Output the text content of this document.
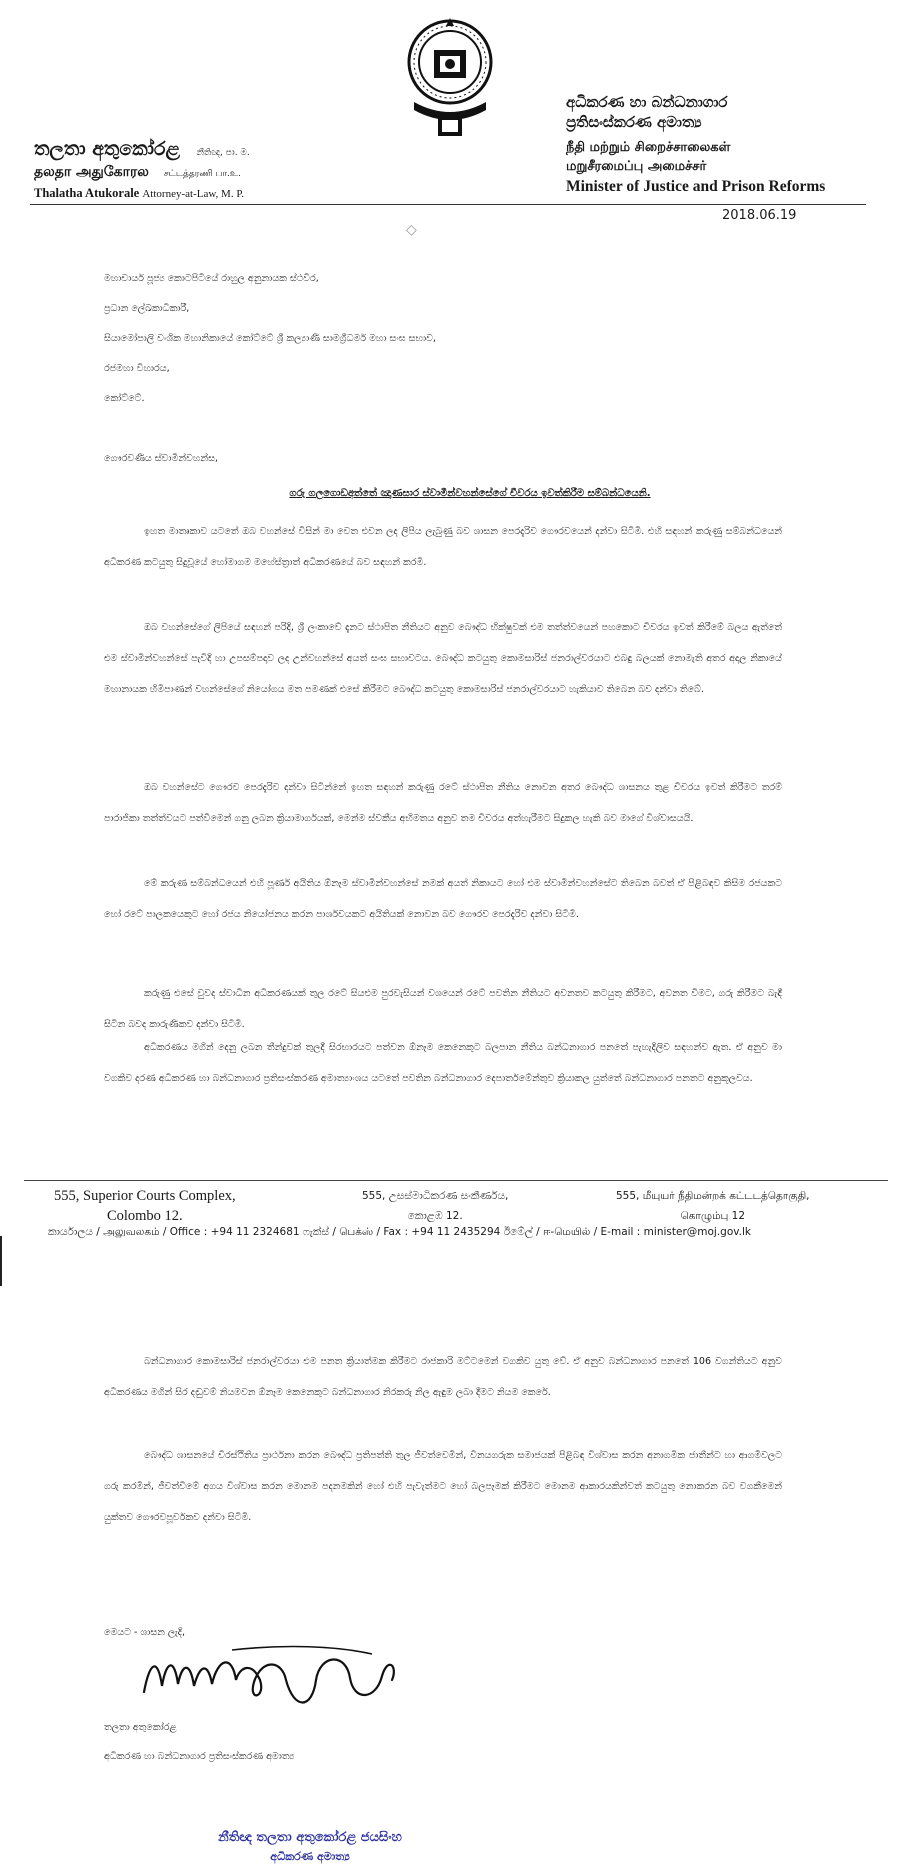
තලතා අතුකෝරළ නීතිඥ, පා. ම.
தலதா அதுகோரல சட்டத்தரணி பா.உ.
Thalatha Atukorale Attorney-at-Law, M. P.
අධිකරණ හා බන්ධනාගාර
ප්‍රතිසංස්කරණ අමාත්‍ය
நீதி மற்றும் சிறைச்சாலைகள்
மறுசீரமைப்பு அமைச்சர்
Minister of Justice and Prison Reforms
2018.06.19
◇
මහාචාර්ය පූජ්‍ය කොටපිටියේ රාහුල අනුනායක ස්ථවිර,
ප්‍රධාන ලේඛකාධිකාරී,
සියාමෝපාලි වංශික මහානිකායේ කෝට්ටේ ශ්‍රී කල්‍යාණී සාමග්‍රීධර්ම මහා සංඝ සභාව,
රජමහා විහාරය,
කෝට්ටේ.
ගෞරවණීය ස්වාමීන්වහන්ස,
ගරු ගලගොඩඅත්තේ ඤාණසාර ස්වාමීන්වහන්සේගේ චීවරය ඉවත්කිරීම සම්බන්ධයෙනි.
ඉහත මාතෘකාව යටතේ ඔබ වහන්සේ විසින් මා වෙත එවන ලද ලිපිය ලැබුණු බව ශාසන පෙරදැරිව ගෞරවයෙන් දන්වා සිටිමි. එහි සඳහන් කරුණු සම්බන්ධයෙන් අධිකරණ කටයුතු සිදුවූයේ හෝමාගම මහේස්ත්‍රාත් අධිකරණයේ බව සඳහන් කරමි.
ඔබ වහන්සේගේ ලිපියේ සඳහන් පරිදි, ශ්‍රී ලංකාවේ දැනට ස්ථාපිත නීතියට අනුව බෞද්ධ භික්ෂුවක් එම තත්ත්වයෙන් පහකොට චීවරය ඉවත් කිරීමේ බලය ඇත්තේ එම ස්වාමීන්වහන්සේ පැවිදි හා උපසම්පදාව ලද උන්වහන්සේ අයත් සංඝ සභාවටය. බෞද්ධ කටයුතු කොමසාරිස් ජනරාල්වරයාට එබඳු බලයක් නොමැති අතර අදාල නිකායේ මහානායක හිමිපාණන් වහන්සේගේ නියෝගය මත පමණක් එසේ කිරීමට බෞද්ධ කටයුතු කොමසාරිස් ජනරාල්වරයාට හැකියාව තිබෙන බව දන්වා තිබේ.
ඔබ වහන්සේට ගෞරව පෙරදැරිව දන්වා සිටින්නේ ඉහත සඳහන් කරුණු රටේ ස්ථාපිත නීතිය නොවන අතර බෞද්ධ ශාසනය තුළ චීවරය ඉවත් කිරීමට තරම් පාරාජිකා තත්ත්වයට පත්වීමෙන් ගනු ලබන ක්‍රියාමාර්ගයක්, මෙන්ම ස්වකීය අභිමතය අනුව තම චීවරය අත්හැරීමට සිදුකල හැකි බව මාගේ විශ්වාසයයි.
මේ කරුණ සම්බන්ධයෙන් එහි පූර්ණ අයිතිය ඕනෑම ස්වාමීන්වහන්සේ නමක් අයත් නිකායට හෝ එම ස්වාමීන්වහන්සේට තිබෙන බවත් ඒ පිළිබඳව කිසිම රජයකට හෝ රටේ පාලකයෙකුට හෝ රජය නියෝජනය කරන පාර්ශවයකට අයිතියක් නොවන බව ගෞරව පෙරදැරිව දන්වා සිටිමි.
කරුණු එසේ වුවද ස්වාධීන අධිකරණයක් තුල රටේ සියළුම පුරවැසියන් වශයෙන් රටේ පවතින නීතියට අවනතව කටයුතු කිරීමට, අවනත වීමට, ගරු කිරීමට බැඳී සිටින බවද කාරුණිකව දන්වා සිටිමි.
අධිකරණය මගින් දෙනු ලබන තීන්දුවක් තුලදී සිරභාරයට පත්වන ඕනෑම කෙනෙකුට බලපාන නීතිය බන්ධනාගාර පනතේ පැහැදිලිව සඳහන්ව ඇත. ඒ අනුව මා වගකිව දරණ අධිකරණ හා බන්ධනාගාර ප්‍රතිසංස්කරණ අමාත්‍යාංශය යටතේ පවතින බන්ධනාගාර දෙපාර්තමේන්තුව ක්‍රියාකල යුත්තේ බන්ධනාගාර පනතට අනුකූලවය.
555, Superior Courts Complex,
Colombo 12.
555, උසස්මාධිකරණ සංකීර්ණය,
කොළඹ 12.
555, மீயுயர் நீதிமன்றக் கட்டடத்தொகுதி,
கொழும்பு 12
කාර්යාලය / அலுவலகம் / Office : +94 11 2324681 ෆැක්ස් / பெக்ஸ் / Fax : +94 11 2435294 ඊමේල් / ஈ-மெயில் / E-mail : minister@moj.gov.lk
බන්ධනාගාර කොමසාරිස් ජනරාල්වරයා එම පනත ක්‍රියාත්මක කිරීමට රාජකාරි මට්ටමෙන් වගකිව යුතු වේ. ඒ අනුව බන්ධනාගාර පනතේ 106 වගන්තියට අනුව අධිකරණය මගින් සිර දඬුවම් නියමවන ඕනෑම කෙනෙකුට බන්ධනාගාර නිරකරු නිල ඇඳුම ලබා දීමට නියම කෙරේ.
බෞද්ධ ශාසනයේ චිරස්ථිතිය ප්‍රාර්ථනා කරන බෞද්ධ ප්‍රතිපත්ති තුල ජීවත්වෙමින්, විනයගරුක සමාජයක් පිළිබඳ විශ්වාස කරන අනාගමික ජාතීන්ට හා ආගමිවලට ගරු කරමින්, ජීවත්වීමේ අගය විශ්වාස කරන මොනම පදනමකින් හෝ එහි පැවැත්මට හෝ බලපෑමක් කිරීමට මොනම ආකාරයකින්වත් කටයුතු නොකරන බව වගකීමෙන් යුක්තව ගෞරවපූර්වකව දන්වා සිටිමි.
මෙයට - ශාසන ලැදි,
තලතා අතුකෝරළ
අධිකරණ හා බන්ධනාගාර ප්‍රතිසංස්කරණ අමාත්‍ය
නීතිඥ තලතා අතුකෝරළ ජයසිංහ
අධිකරණ අමාත්‍ය
